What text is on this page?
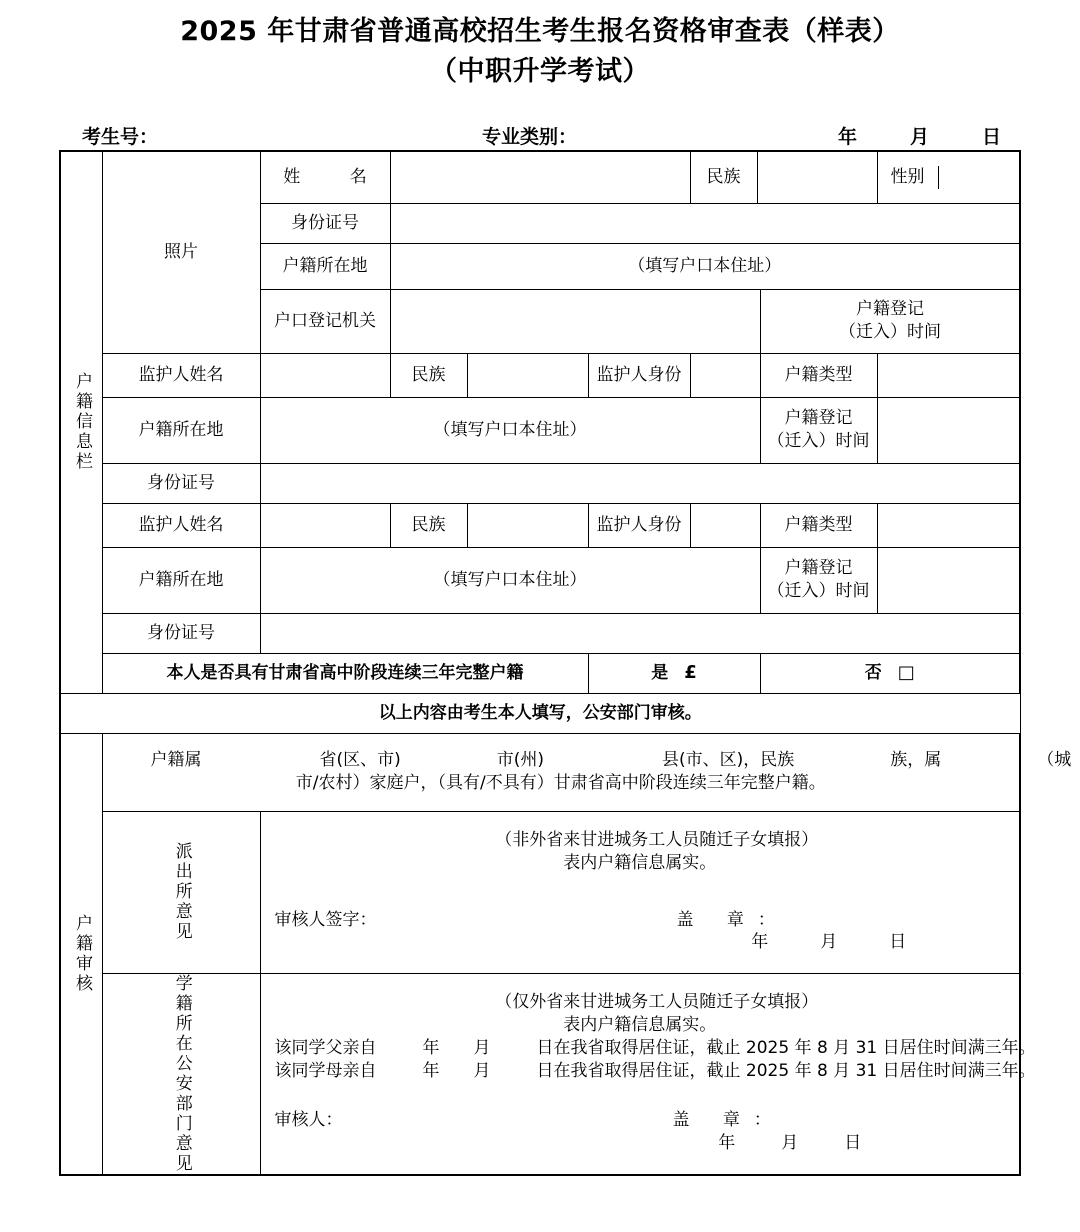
2025 年甘肃省普通高校招生考生报名资格审查表（样表）
（中职升学考试）
考生号：	专业类别：	年	月	日
户籍信息栏
	照片	姓 名		民族			性别	

身份证号	

户籍所在地	（填写户口本住址）
户口登记机关		户籍登记
（迁入）时间	
监护人姓名		民族		监护人身份		户籍类型	
户籍所在地	（填写户口本住址）	户籍登记
（迁入）时间	
身份证号	

监护人姓名		民族		监护人身份		户籍类型	
户籍所在地	（填写户口本住址）	户籍登记
（迁入）时间	
身份证号	

本人是否具有甘肃省高中阶段连续三年完整户籍	是 £	否 □
以上内容由考生本人填写，公安部门审核。

户籍审核

户籍属	省(区、市)	市(州)	县(市、区)，民族	族，属	（城
市/农村）家庭户，（具有/不具有）甘肃省高中阶段连续三年完整户籍。

派出所意见

（非外省来甘进城务工人员随迁子女填报）
表内户籍信息属实。

审核人签字：	盖 章：
年	月	日

学籍所在公安部门意见	（仅外省来甘进城务工人员随迁子女填报）
表内户籍信息属实。
该同学父亲自	年 月	日在我省取得居住证，截止 2025 年 8 月 31 日居住时间满三年。
该同学母亲自	年 月	日在我省取得居住证，截止 2025 年 8 月 31 日居住时间满三年。

审核人：	盖 章：
年	月	日
